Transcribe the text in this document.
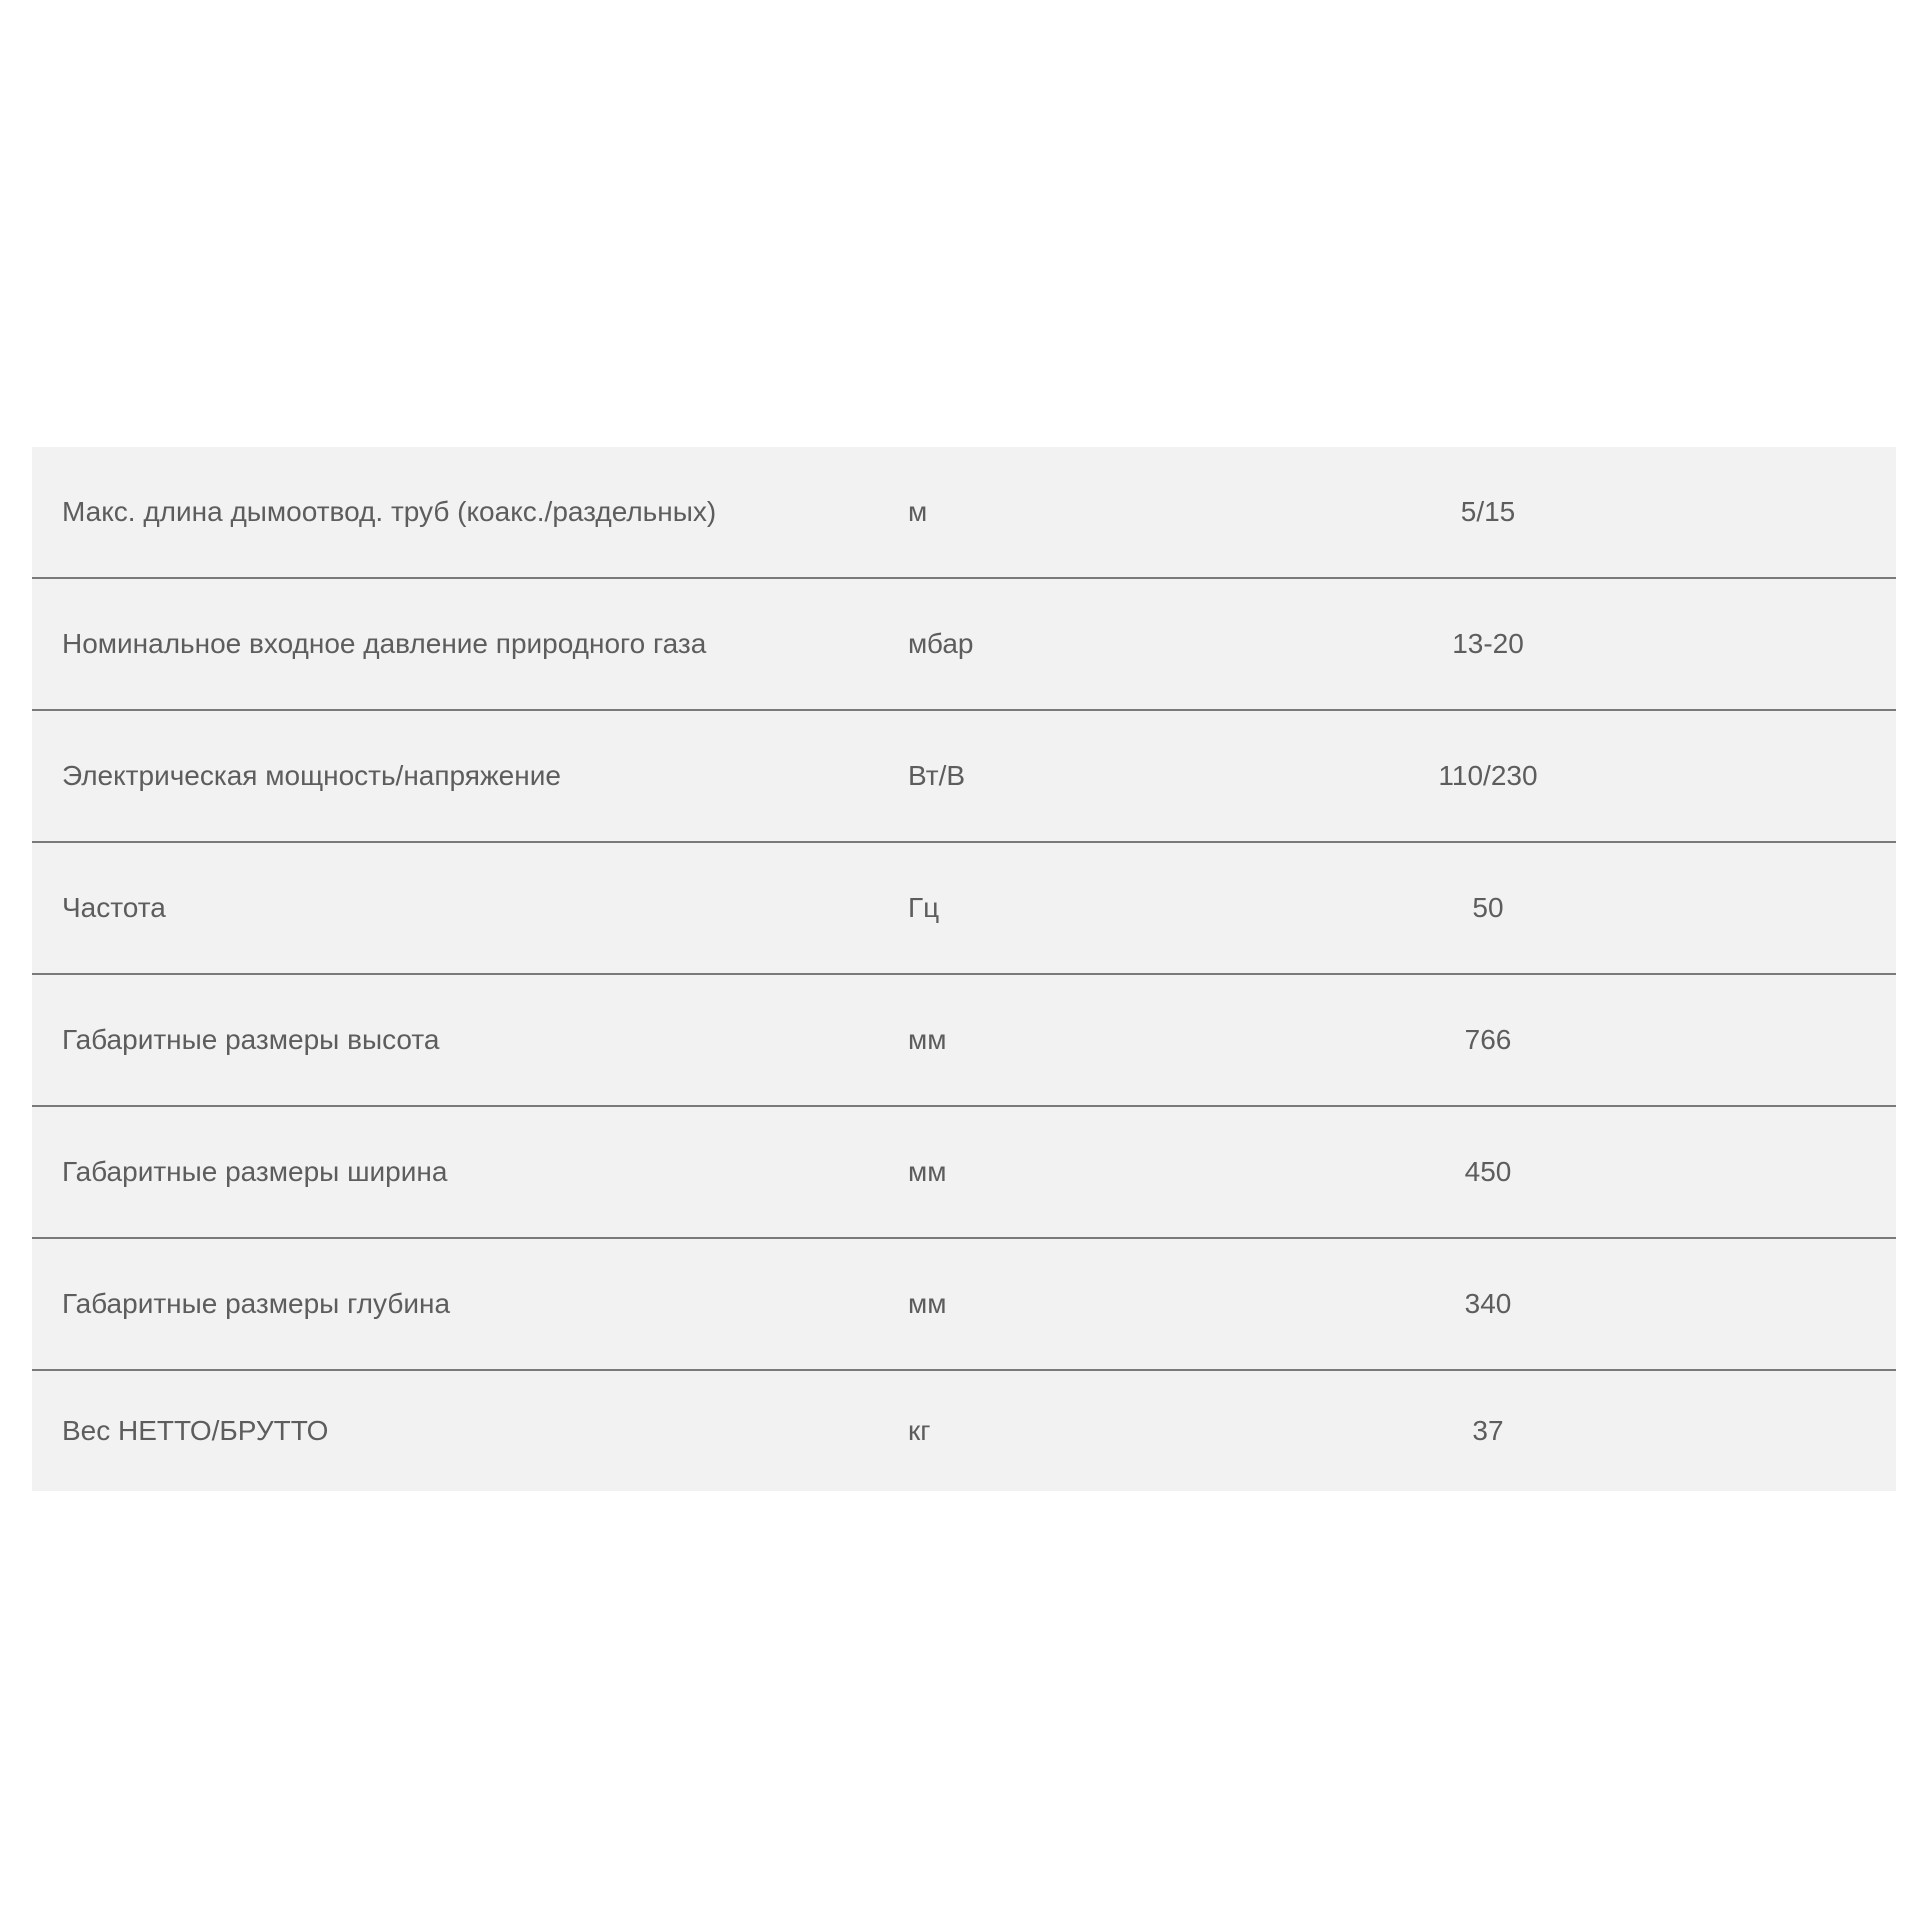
Макс. длина дымоотвод. труб (коакс./раздельных)	м	5/15
Номинальное входное давление природного газа	мбар	13-20
Электрическая мощность/напряжение	Вт/В	110/230
Частота	Гц	50
Габаритные размеры высота	мм	766
Габаритные размеры ширина	мм	450
Габаритные размеры глубина	мм	340
Вес НЕТТО/БРУТТО	кг	37
